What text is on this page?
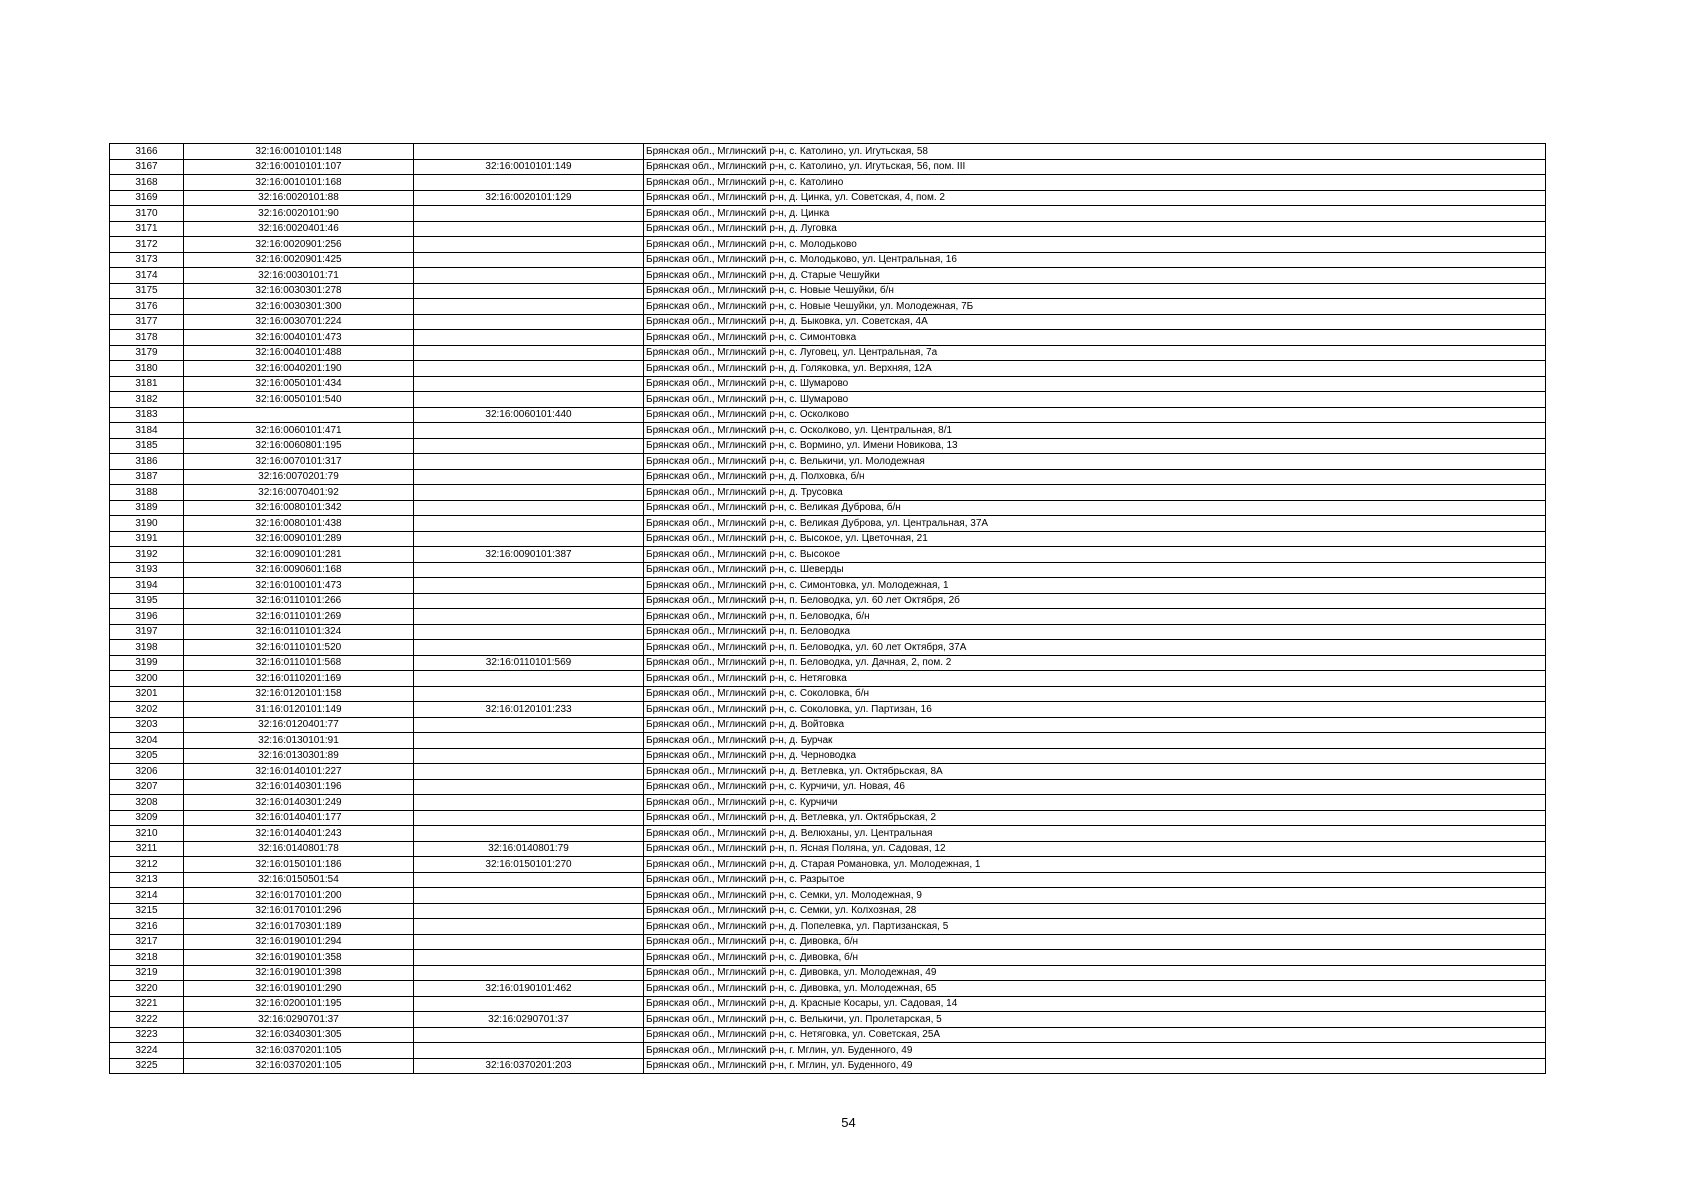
3166	32:16:0010101:148		Брянская обл., Мглинский р-н, с. Католино, ул. Игутьская, 58
3167	32:16:0010101:107	32:16:0010101:149	Брянская обл., Мглинский р-н, с. Католино, ул. Игутьская, 56, пом. III
3168	32:16:0010101:168		Брянская обл., Мглинский р-н, с. Католино
3169	32:16:0020101:88	32:16:0020101:129	Брянская обл., Мглинский р-н, д. Цинка, ул. Советская, 4, пом. 2
3170	32:16:0020101:90		Брянская обл., Мглинский р-н, д. Цинка
3171	32:16:0020401:46		Брянская обл., Мглинский р-н, д. Луговка
3172	32:16:0020901:256		Брянская обл., Мглинский р-н, с. Молодьково
3173	32:16:0020901:425		Брянская обл., Мглинский р-н, с. Молодьково, ул. Центральная, 16
3174	32:16:0030101:71		Брянская обл., Мглинский р-н, д. Старые Чешуйки
3175	32:16:0030301:278		Брянская обл., Мглинский р-н, с. Новые Чешуйки, б/н
3176	32:16:0030301:300		Брянская обл., Мглинский р-н, с. Новые Чешуйки, ул. Молодежная, 7Б
3177	32:16:0030701:224		Брянская обл., Мглинский р-н, д. Быковка, ул. Советская, 4А
3178	32:16:0040101:473		Брянская обл., Мглинский р-н, с. Симонтовка
3179	32:16:0040101:488		Брянская обл., Мглинский р-н, с. Луговец, ул. Центральная, 7а
3180	32:16:0040201:190		Брянская обл., Мглинский р-н, д. Голяковка, ул. Верхняя, 12А
3181	32:16:0050101:434		Брянская обл., Мглинский р-н, с. Шумарово
3182	32:16:0050101:540		Брянская обл., Мглинский р-н, с. Шумарово
3183		32:16:0060101:440	Брянская обл., Мглинский р-н, с. Осколково
3184	32:16:0060101:471		Брянская обл., Мглинский р-н, с. Осколково, ул. Центральная, 8/1
3185	32:16:0060801:195		Брянская обл., Мглинский р-н, с. Вормино, ул. Имени Новикова, 13
3186	32:16:0070101:317		Брянская обл., Мглинский р-н, с. Велькичи, ул. Молодежная
3187	32:16:0070201:79		Брянская обл., Мглинский р-н, д. Полховка, б/н
3188	32:16:0070401:92		Брянская обл., Мглинский р-н, д. Трусовка
3189	32:16:0080101:342		Брянская обл., Мглинский р-н, с. Великая Дуброва, б/н
3190	32:16:0080101:438		Брянская обл., Мглинский р-н, с. Великая Дуброва, ул. Центральная, 37А
3191	32:16:0090101:289		Брянская обл., Мглинский р-н, с. Высокое, ул. Цветочная, 21
3192	32:16:0090101:281	32:16:0090101:387	Брянская обл., Мглинский р-н, с. Высокое
3193	32:16:0090601:168		Брянская обл., Мглинский р-н, с. Шеверды
3194	32:16:0100101:473		Брянская обл., Мглинский р-н, с. Симонтовка, ул. Молодежная, 1
3195	32:16:0110101:266		Брянская обл., Мглинский р-н, п. Беловодка, ул. 60 лет Октября, 2б
3196	32:16:0110101:269		Брянская обл., Мглинский р-н, п. Беловодка, б/н
3197	32:16:0110101:324		Брянская обл., Мглинский р-н, п. Беловодка
3198	32:16:0110101:520		Брянская обл., Мглинский р-н, п. Беловодка, ул. 60 лет Октября, 37А
3199	32:16:0110101:568	32:16:0110101:569	Брянская обл., Мглинский р-н, п. Беловодка, ул. Дачная, 2, пом. 2
3200	32:16:0110201:169		Брянская обл., Мглинский р-н, с. Нетяговка
3201	32:16:0120101:158		Брянская обл., Мглинский р-н, с. Соколовка, б/н
3202	31:16:0120101:149	32:16:0120101:233	Брянская обл., Мглинский р-н, с. Соколовка, ул. Партизан, 16
3203	32:16:0120401:77		Брянская обл., Мглинский р-н, д. Войтовка
3204	32:16:0130101:91		Брянская обл., Мглинский р-н, д. Бурчак
3205	32:16:0130301:89		Брянская обл., Мглинский р-н, д. Черноводка
3206	32:16:0140101:227		Брянская обл., Мглинский р-н, д. Ветлевка, ул. Октябрьская, 8А
3207	32:16:0140301:196		Брянская обл., Мглинский р-н, с. Курчичи, ул. Новая, 46
3208	32:16:0140301:249		Брянская обл., Мглинский р-н, с. Курчичи
3209	32:16:0140401:177		Брянская обл., Мглинский р-н, д. Ветлевка, ул. Октябрьская, 2
3210	32:16:0140401:243		Брянская обл., Мглинский р-н, д. Велюханы, ул. Центральная
3211	32:16:0140801:78	32:16:0140801:79	Брянская обл., Мглинский р-н, п. Ясная Поляна, ул. Садовая, 12
3212	32:16:0150101:186	32:16:0150101:270	Брянская обл., Мглинский р-н, д. Старая Романовка, ул. Молодежная, 1
3213	32:16:0150501:54		Брянская обл., Мглинский р-н, с. Разрытое
3214	32:16:0170101:200		Брянская обл., Мглинский р-н, с. Семки, ул. Молодежная, 9
3215	32:16:0170101:296		Брянская обл., Мглинский р-н, с. Семки, ул. Колхозная, 28
3216	32:16:0170301:189		Брянская обл., Мглинский р-н, д. Попелевка, ул. Партизанская, 5
3217	32:16:0190101:294		Брянская обл., Мглинский р-н, с. Дивовка, б/н
3218	32:16:0190101:358		Брянская обл., Мглинский р-н, с. Дивовка, б/н
3219	32:16:0190101:398		Брянская обл., Мглинский р-н, с. Дивовка, ул. Молодежная, 49
3220	32:16:0190101:290	32:16:0190101:462	Брянская обл., Мглинский р-н, с. Дивовка, ул. Молодежная, 65
3221	32:16:0200101:195		Брянская обл., Мглинский р-н, д. Красные Косары, ул. Садовая, 14
3222	32:16:0290701:37	32:16:0290701:37	Брянская обл., Мглинский р-н, с. Велькичи, ул. Пролетарская, 5
3223	32:16:0340301:305		Брянская обл., Мглинский р-н, с. Нетяговка, ул. Советская, 25А
3224	32:16:0370201:105		Брянская обл., Мглинский р-н, г. Мглин, ул. Буденного, 49
3225	32:16:0370201:105	32:16:0370201:203	Брянская обл., Мглинский р-н, г. Мглин, ул. Буденного, 49
54
